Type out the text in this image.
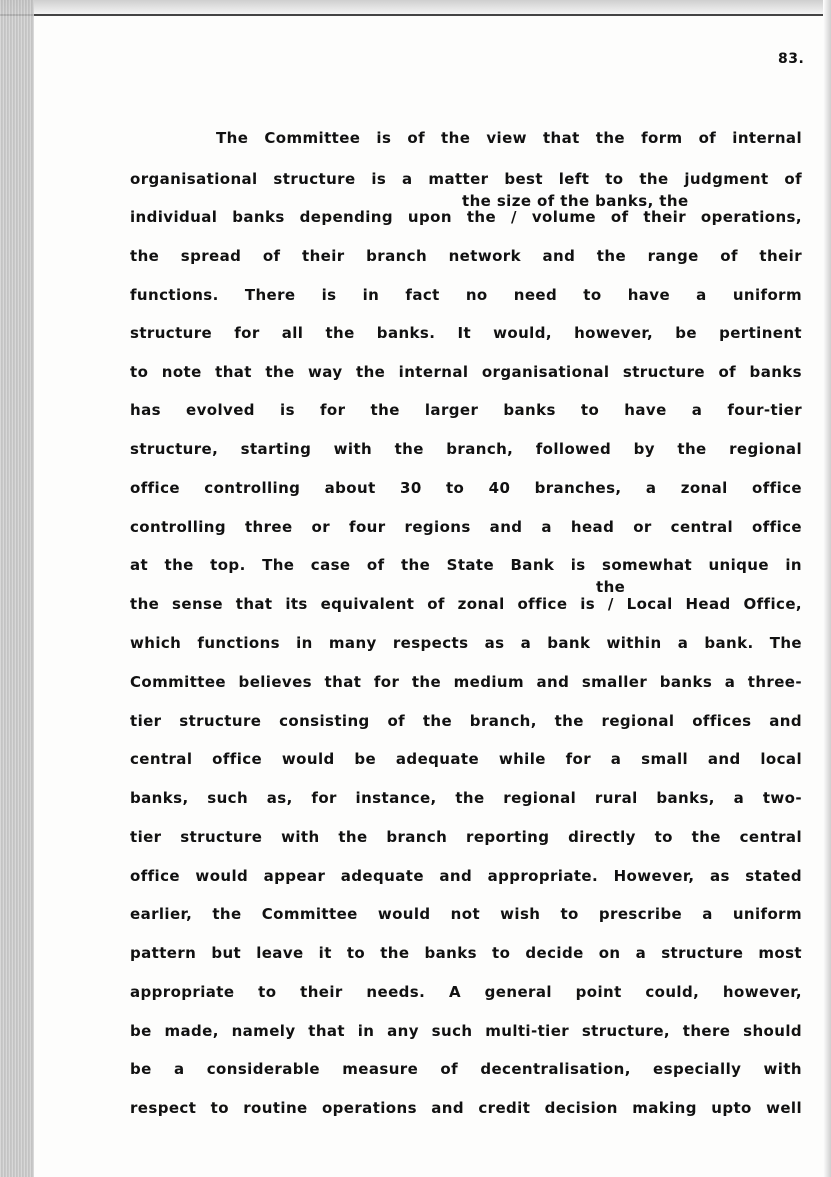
83.
the size of the banks, the
the
The Committee is of the view that the form of internal
organisational structure is a matter best left to the judgment of
individual banks depending upon the / volume of their operations,
the spread of their branch network and the range of their
functions. There is in fact no need to have a uniform
structure for all the banks. It would, however, be pertinent
to note that the way the internal organisational structure of banks
has evolved is for the larger banks to have a four-tier
structure, starting with the branch, followed by the regional
office controlling about 30 to 40 branches, a zonal office
controlling three or four regions and a head or central office
at the top. The case of the State Bank is somewhat unique in
the sense that its equivalent of zonal office is / Local Head Office,
which functions in many respects as a bank within a bank. The
Committee believes that for the medium and smaller banks a three-
tier structure consisting of the branch, the regional offices and
central office would be adequate while for a small and local
banks, such as, for instance, the regional rural banks, a two-
tier structure with the branch reporting directly to the central
office would appear adequate and appropriate. However, as stated
earlier, the Committee would not wish to prescribe a uniform
pattern but leave it to the banks to decide on a structure most
appropriate to their needs. A general point could, however,
be made, namely that in any such multi-tier structure, there should
be a considerable measure of decentralisation, especially with
respect to routine operations and credit decision making upto well
